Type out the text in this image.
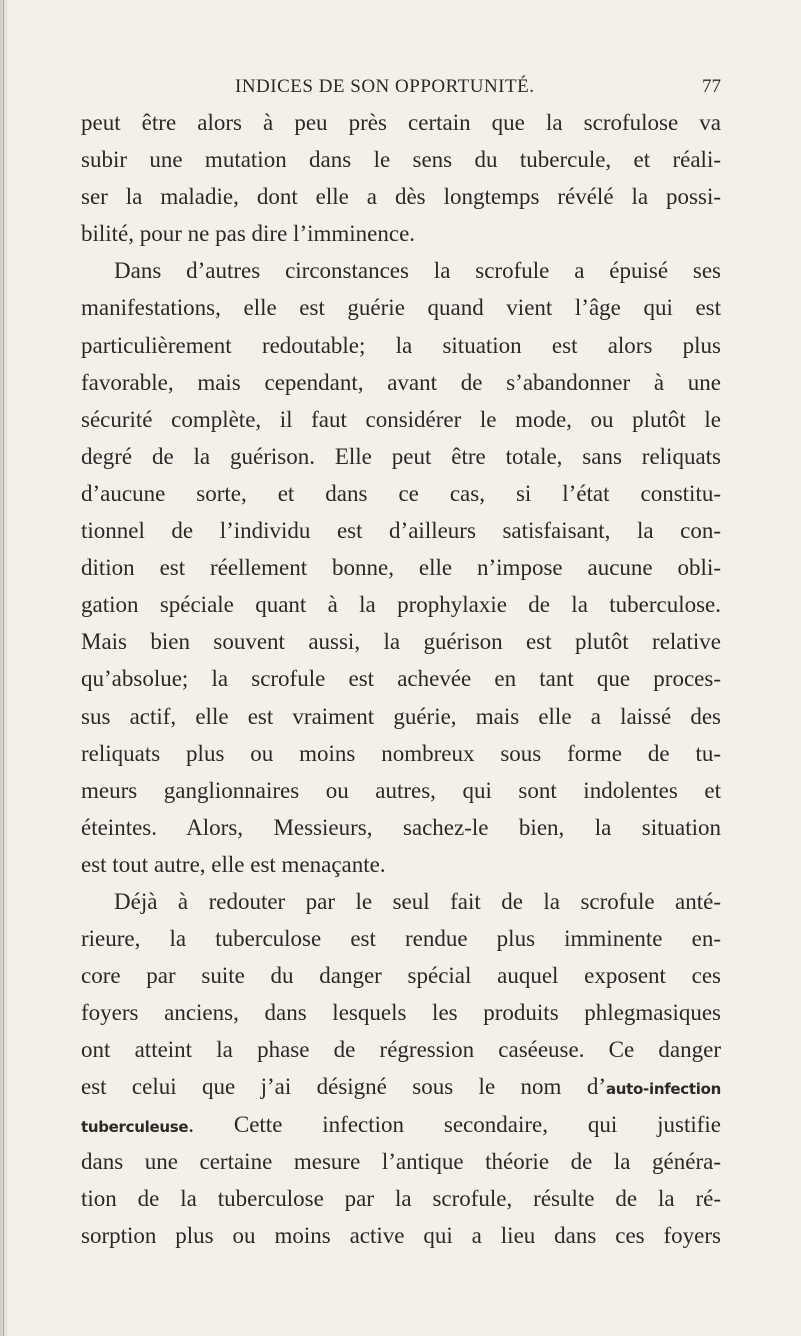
INDICES DE SON OPPORTUNITÉ.	77
peut être alors à peu près certain que la scrofulose va
subir une mutation dans le sens du tubercule, et réali-
ser la maladie, dont elle a dès longtemps révélé la possi-
bilité, pour ne pas dire l’imminence.
Dans d’autres circonstances la scrofule a épuisé ses
manifestations, elle est guérie quand vient l’âge qui est
particulièrement redoutable; la situation est alors plus
favorable, mais cependant, avant de s’abandonner à une
sécurité complète, il faut considérer le mode, ou plutôt le
degré de la guérison. Elle peut être totale, sans reliquats
d’aucune sorte, et dans ce cas, si l’état constitu-
tionnel de l’individu est d’ailleurs satisfaisant, la con-
dition est réellement bonne, elle n’impose aucune obli-
gation spéciale quant à la prophylaxie de la tuberculose.
Mais bien souvent aussi, la guérison est plutôt relative
qu’absolue; la scrofule est achevée en tant que proces-
sus actif, elle est vraiment guérie, mais elle a laissé des
reliquats plus ou moins nombreux sous forme de tu-
meurs ganglionnaires ou autres, qui sont indolentes et
éteintes. Alors, Messieurs, sachez-le bien, la situation
est tout autre, elle est menaçante.
Déjà à redouter par le seul fait de la scrofule anté-
rieure, la tuberculose est rendue plus imminente en-
core par suite du danger spécial auquel exposent ces
foyers anciens, dans lesquels les produits phlegmasiques
ont atteint la phase de régression caséeuse. Ce danger
est celui que j’ai désigné sous le nom d’auto-infection
tuberculeuse. Cette infection secondaire, qui justifie
dans une certaine mesure l’antique théorie de la généra-
tion de la tuberculose par la scrofule, résulte de la ré-
sorption plus ou moins active qui a lieu dans ces foyers
